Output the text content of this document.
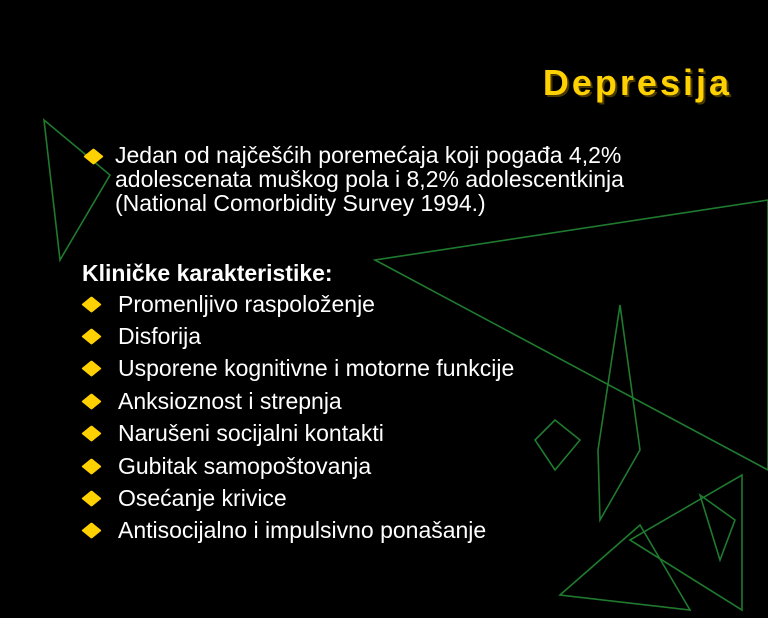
Depresija
Jedan od najčešćih poremećaja koji pogađa 4,2%
adolescenata muškog pola i 8,2% adolescentkinja
(National Comorbidity Survey 1994.)
Kliničke karakteristike:
Promenljivo raspoloženje
Disforija
Usporene kognitivne i motorne funkcije
Anksioznost i strepnja
Narušeni socijalni kontakti
Gubitak samopoštovanja
Osećanje krivice
Antisocijalno i impulsivno ponašanje
